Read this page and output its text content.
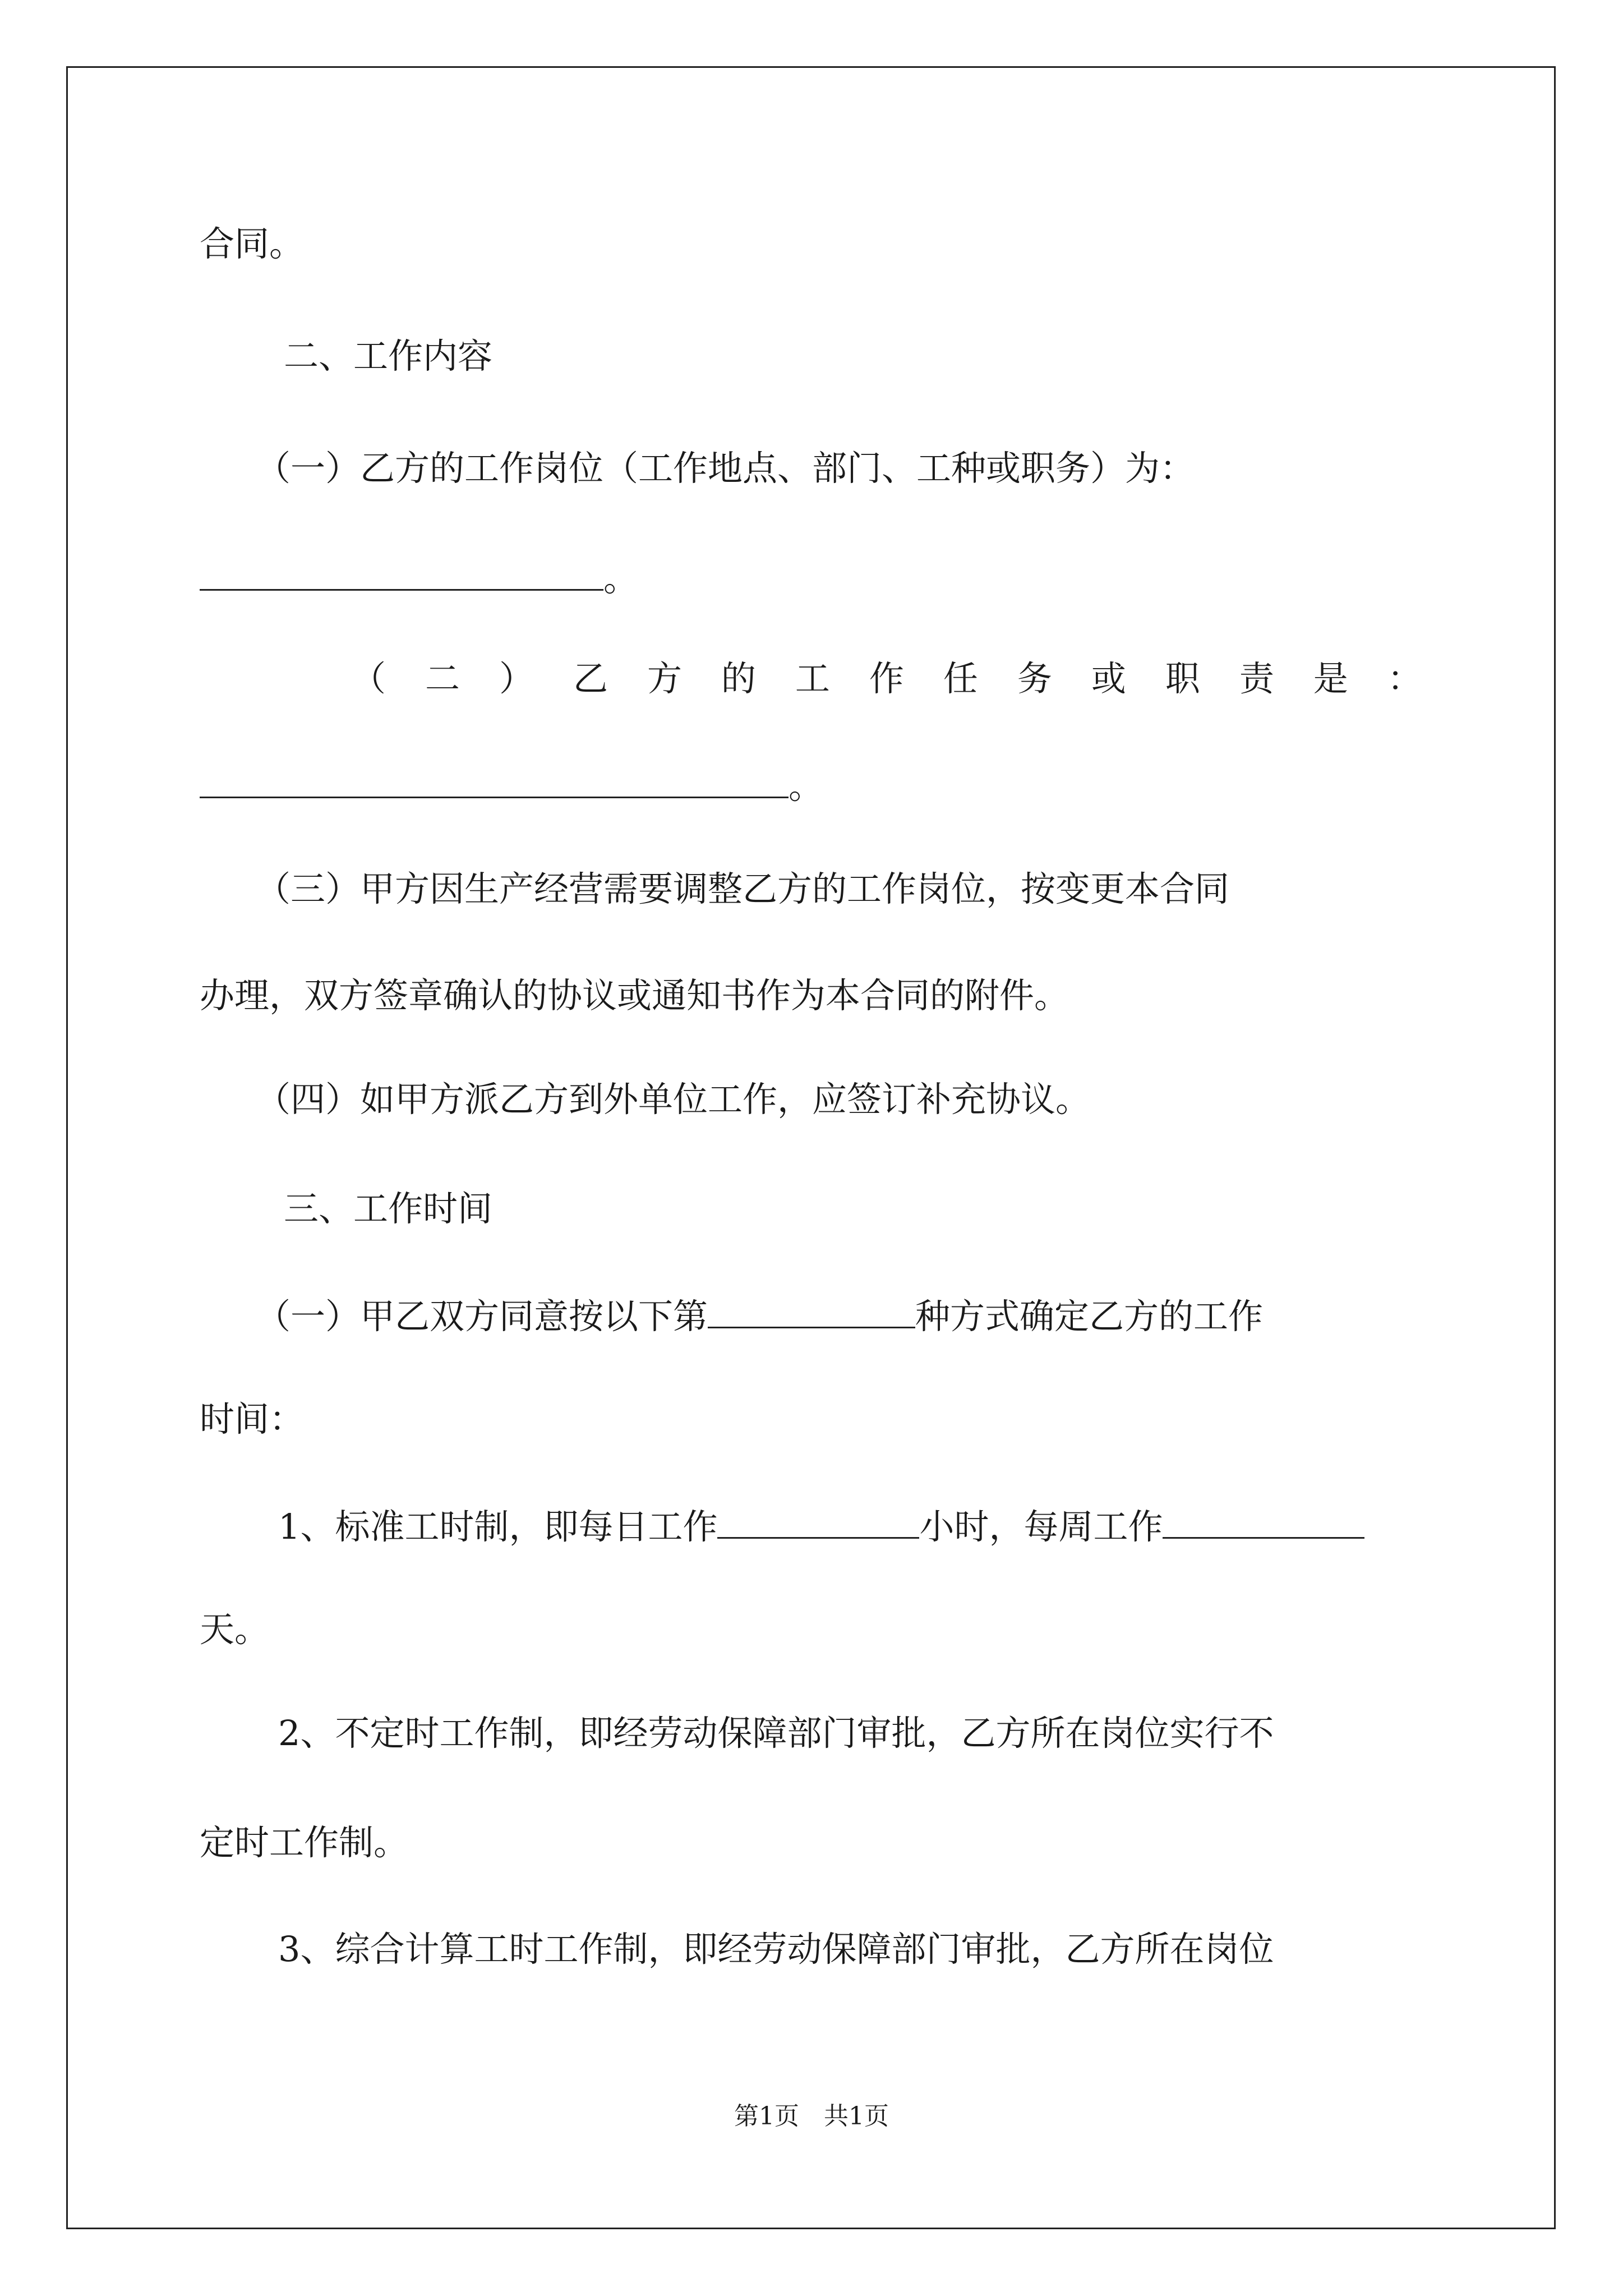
合同。
二、工作内容
（一）乙方的工作岗位（工作地点、部门、工种或职务）为：
。
（ 二 ） 乙 方 的 工 作 任 务 或 职 责 是 ：
。
（三）甲方因生产经营需要调整乙方的工作岗位，按变更本合同
办理，双方签章确认的协议或通知书作为本合同的附件。
（四）如甲方派乙方到外单位工作，应签订补充协议。
三、工作时间
（一）甲乙双方同意按以下第	种方式确定乙方的工作
时间：
1、标准工时制，即每日工作	小时，每周工作
天。
2、不定时工作制，即经劳动保障部门审批，乙方所在岗位实行不
定时工作制。
3、综合计算工时工作制，即经劳动保障部门审批，乙方所在岗位
第1页　共1页
